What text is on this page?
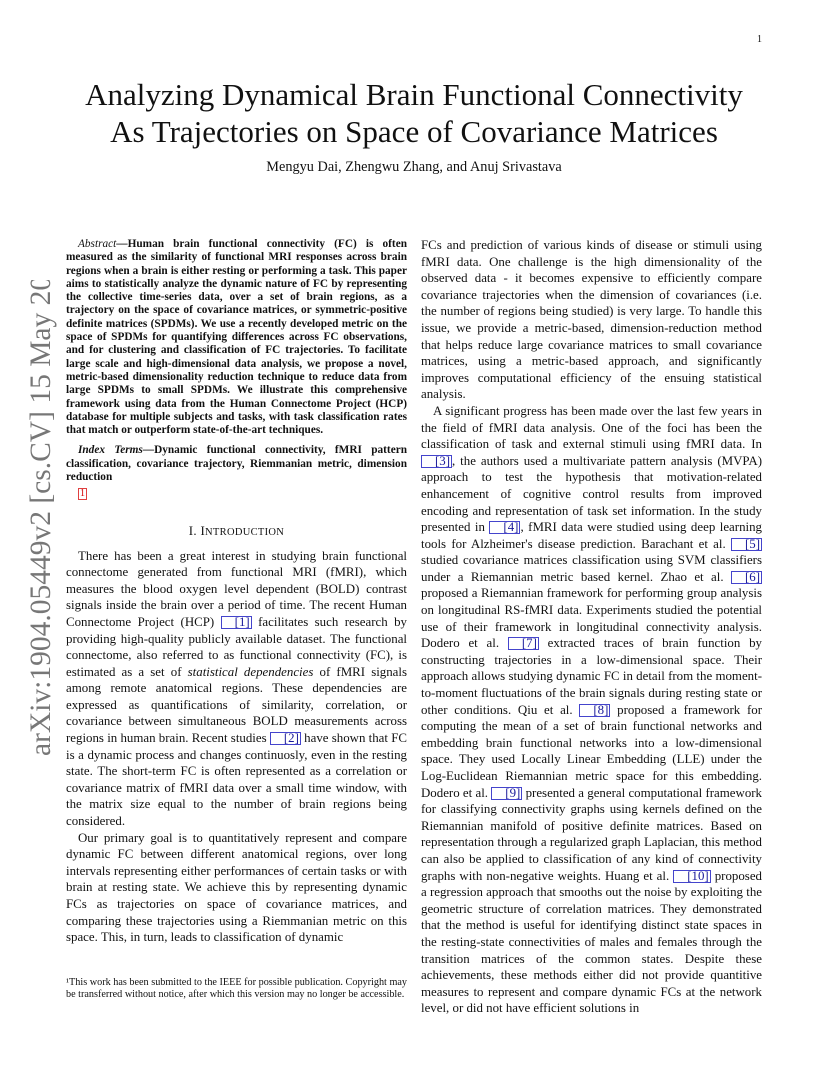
1
arXiv:1904.05449v2 [cs.CV] 15 May 2019
Analyzing Dynamical Brain Functional Connectivity
As Trajectories on Space of Covariance Matrices
Mengyu Dai, Zhengwu Zhang, and Anuj Srivastava

Abstract—Human brain functional connectivity (FC) is often measured as the similarity of functional MRI responses across brain regions when a brain is either resting or performing a task. This paper aims to statistically analyze the dynamic nature of FC by representing the collective time-series data, over a set of brain regions, as a trajectory on the space of covariance matrices, or symmetric-positive definite matrices (SPDMs). We use a recently developed metric on the space of SPDMs for quantifying differences across FC observations, and for clustering and classification of FC trajectories. To facilitate large scale and high-dimensional data analysis, we propose a novel, metric-based dimensionality reduction technique to reduce data from large SPDMs to small SPDMs. We illustrate this comprehensive framework using data from the Human Connectome Project (HCP) database for multiple subjects and tasks, with task classification rates that match or outperform state-of-the-art techniques.

Index Terms—Dynamic functional connectivity, fMRI pattern classification, covariance trajectory, Riemmanian metric, dimension reduction

1
I. INTRODUCTION

There has been a great interest in studying brain functional connectome generated from functional MRI (fMRI), which measures the blood oxygen level dependent (BOLD) contrast signals inside the brain over a period of time. The recent Human Connectome Project (HCP) [1] facilitates such research by providing high-quality publicly available dataset. The functional connectome, also referred to as functional connectivity (FC), is estimated as a set of statistical dependencies of fMRI signals among remote anatomical regions. These dependencies are expressed as quantifications of similarity, correlation, or covariance between simultaneous BOLD measurements across regions in human brain. Recent studies [2] have shown that FC is a dynamic process and changes continuosly, even in the resting state. The short-term FC is often represented as a correlation or covariance matrix of fMRI data over a small time window, with the matrix size equal to the number of brain regions being considered.

Our primary goal is to quantitatively represent and compare dynamic FC between different anatomical regions, over long intervals representing either performances of certain tasks or with brain at resting state. We achieve this by representing dynamic FCs as trajectories on space of covariance matrices, and comparing these trajectories using a Riemmanian metric on this space. This, in turn, leads to classification of dynamic

¹This work has been submitted to the IEEE for possible publication. Copyright may be transferred without notice, after which this version may no longer be accessible.

FCs and prediction of various kinds of disease or stimuli using fMRI data. One challenge is the high dimensionality of the observed data - it becomes expensive to efficiently compare covariance trajectories when the dimension of covariances (i.e. the number of regions being studied) is very large. To handle this issue, we provide a metric-based, dimension-reduction method that helps reduce large covariance matrices to small covariance matrices, using a metric-based approach, and significantly improves computational efficiency of the ensuing statistical analysis.

A significant progress has been made over the last few years in the field of fMRI data analysis. One of the foci has been the classification of task and external stimuli using fMRI data. In [3] , the authors used a multivariate pattern analysis (MVPA) approach to test the hypothesis that motivation-related enhancement of cognitive control results from improved encoding and representation of task set information. In the study presented in [4] , fMRI data were studied using deep learning tools for Alzheimer's disease prediction. Barachant et al. [5] studied covariance matrices classification using SVM classifiers under a Riemannian metric based kernel. Zhao et al. [6] proposed a Riemannian framework for performing group analysis on longitudinal RS-fMRI data. Experiments studied the potential use of their framework in longitudinal connectivity analysis. Dodero et al. [7] extracted traces of brain function by constructing trajectories in a low-dimensional space. Their approach allows studying dynamic FC in detail from the moment-to-moment fluctuations of the brain signals during resting state or other conditions. Qiu et al. [8] proposed a framework for computing the mean of a set of brain functional networks and embedding brain functional networks into a low-dimensional space. They used Locally Linear Embedding (LLE) under the Log-Euclidean Riemannian metric space for this embedding. Dodero et al. [9] presented a general computational framework for classifying connectivity graphs using kernels defined on the Riemannian manifold of positive definite matrices. Based on representation through a regularized graph Laplacian, this method can also be applied to classification of any kind of connectivity graphs with non-negative weights. Huang et al. [10] proposed a regression approach that smooths out the noise by exploiting the geometric structure of correlation matrices. They demonstrated that the method is useful for identifying distinct state spaces in the resting-state connectivities of males and females through the transition matrices of the common states. Despite these achievements, these methods either did not provide quantitive measures to represent and compare dynamic FCs at the network level, or did not have efficient solutions in
